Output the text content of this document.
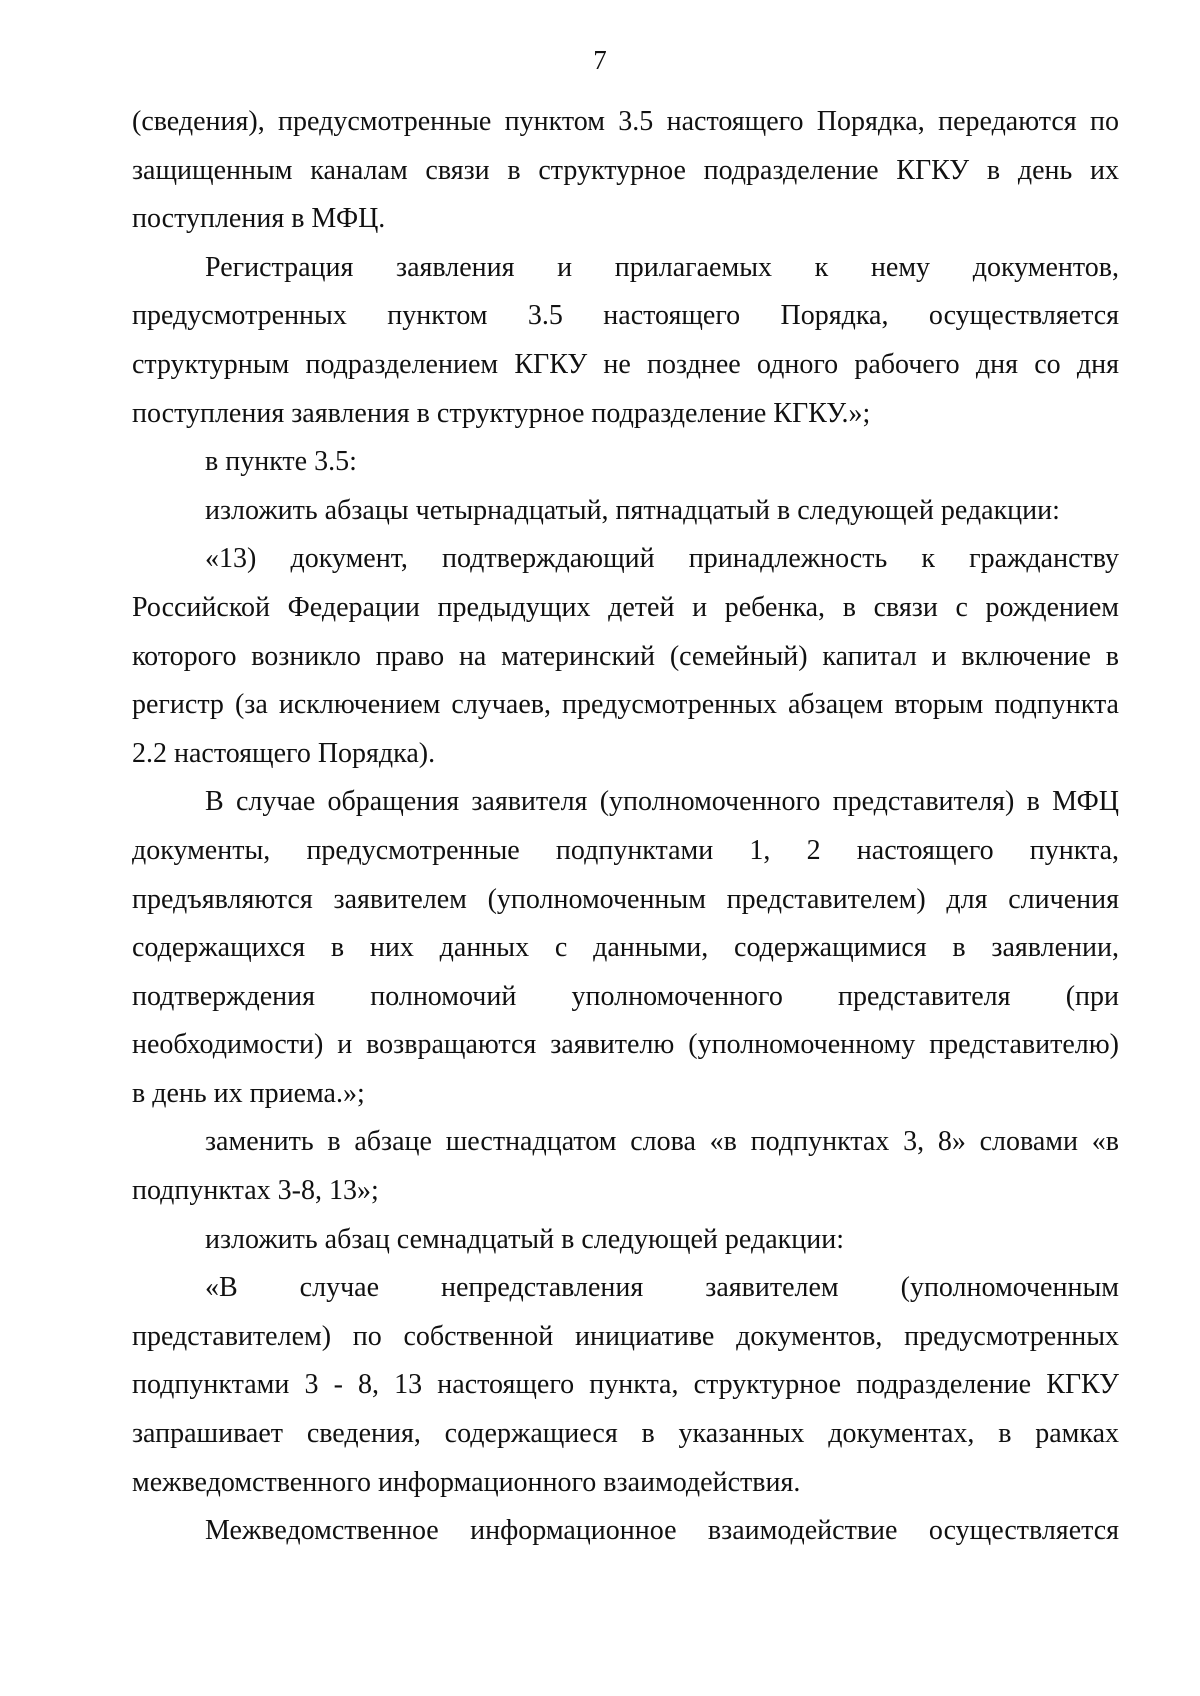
7
(сведения), предусмотренные пунктом 3.5 настоящего Порядка, передаются по
защищенным каналам связи в структурное подразделение КГКУ в день их
поступления в МФЦ.
Регистрация заявления и прилагаемых к нему документов,
предусмотренных пунктом 3.5 настоящего Порядка, осуществляется
структурным подразделением КГКУ не позднее одного рабочего дня со дня
поступления заявления в структурное подразделение КГКУ.»;
в пункте 3.5:
изложить абзацы четырнадцатый, пятнадцатый в следующей редакции:
«13) документ, подтверждающий принадлежность к гражданству
Российской Федерации предыдущих детей и ребенка, в связи с рождением
которого возникло право на материнский (семейный) капитал и включение в
регистр (за исключением случаев, предусмотренных абзацем вторым подпункта
2.2 настоящего Порядка).
В случае обращения заявителя (уполномоченного представителя) в МФЦ
документы, предусмотренные подпунктами 1, 2 настоящего пункта,
предъявляются заявителем (уполномоченным представителем) для сличения
содержащихся в них данных с данными, содержащимися в заявлении,
подтверждения полномочий уполномоченного представителя (при
необходимости) и возвращаются заявителю (уполномоченному представителю)
в день их приема.»;
заменить в абзаце шестнадцатом слова «в подпунктах 3, 8» словами «в
подпунктах 3-8, 13»;
изложить абзац семнадцатый в следующей редакции:
«В случае непредставления заявителем (уполномоченным
представителем) по собственной инициативе документов, предусмотренных
подпунктами 3 - 8, 13 настоящего пункта, структурное подразделение КГКУ
запрашивает сведения, содержащиеся в указанных документах, в рамках
межведомственного информационного взаимодействия.
Межведомственное информационное взаимодействие осуществляется
